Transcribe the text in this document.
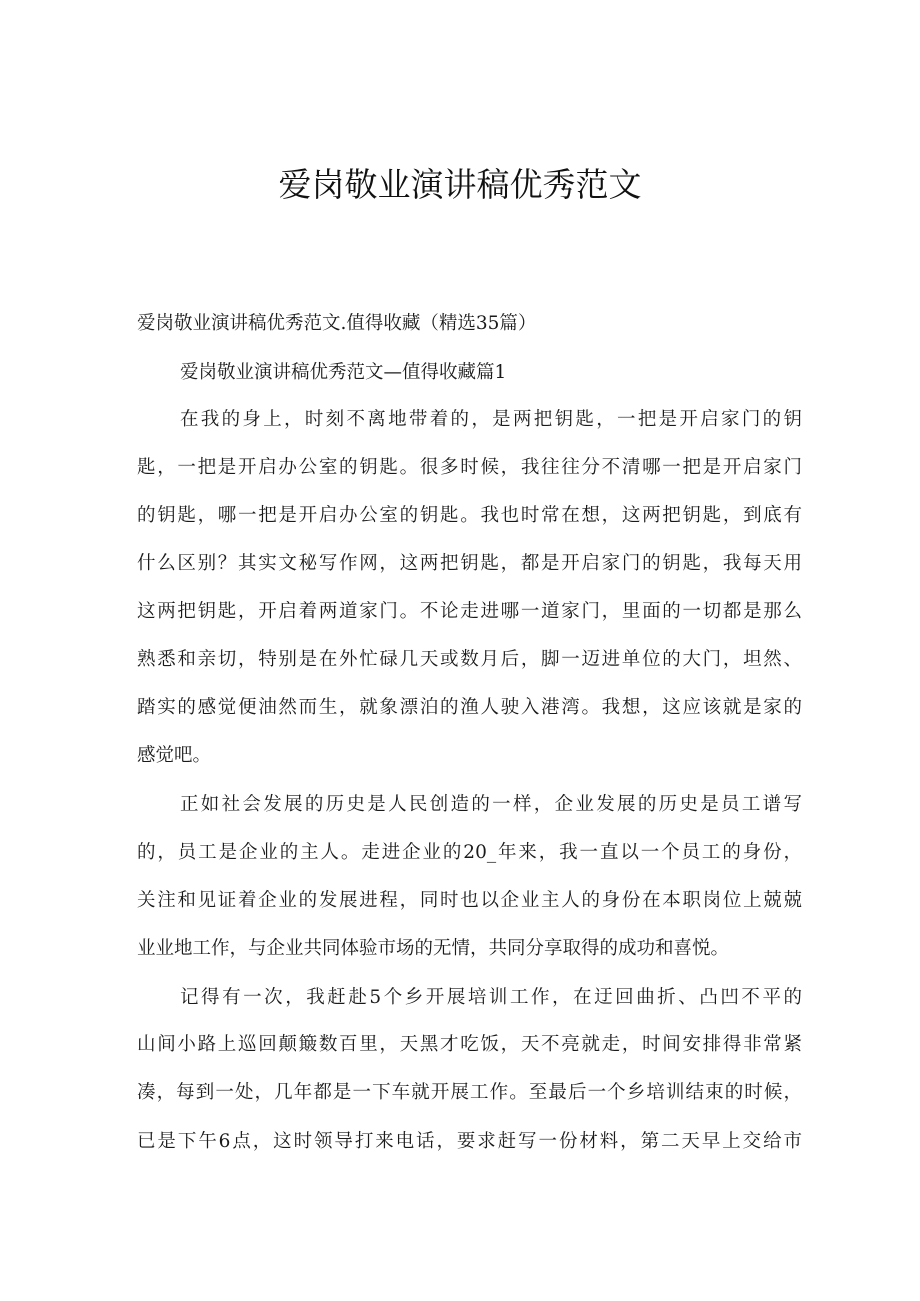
爱岗敬业演讲稿优秀范文
爱岗敬业演讲稿优秀范文.值得收藏（精选35篇）
爱岗敬业演讲稿优秀范文—值得收藏篇1
在我的身上，时刻不离地带着的，是两把钥匙，一把是开启家门的钥
匙，一把是开启办公室的钥匙。很多时候，我往往分不清哪一把是开启家门
的钥匙，哪一把是开启办公室的钥匙。我也时常在想，这两把钥匙，到底有
什么区别？其实文秘写作网，这两把钥匙，都是开启家门的钥匙，我每天用
这两把钥匙，开启着两道家门。不论走进哪一道家门，里面的一切都是那么
熟悉和亲切，特别是在外忙碌几天或数月后，脚一迈进单位的大门，坦然、
踏实的感觉便油然而生，就象漂泊的渔人驶入港湾。我想，这应该就是家的
感觉吧。
正如社会发展的历史是人民创造的一样，企业发展的历史是员工谱写
的，员工是企业的主人。走进企业的20_年来，我一直以一个员工的身份，
关注和见证着企业的发展进程，同时也以企业主人的身份在本职岗位上兢兢
业业地工作，与企业共同体验市场的无情，共同分享取得的成功和喜悦。
记得有一次，我赶赴5个乡开展培训工作，在迂回曲折、凸凹不平的
山间小路上巡回颠簸数百里，天黑才吃饭，天不亮就走，时间安排得非常紧
凑，每到一处，几年都是一下车就开展工作。至最后一个乡培训结束的时候，
已是下午6点，这时领导打来电话，要求赶写一份材料，第二天早上交给市
